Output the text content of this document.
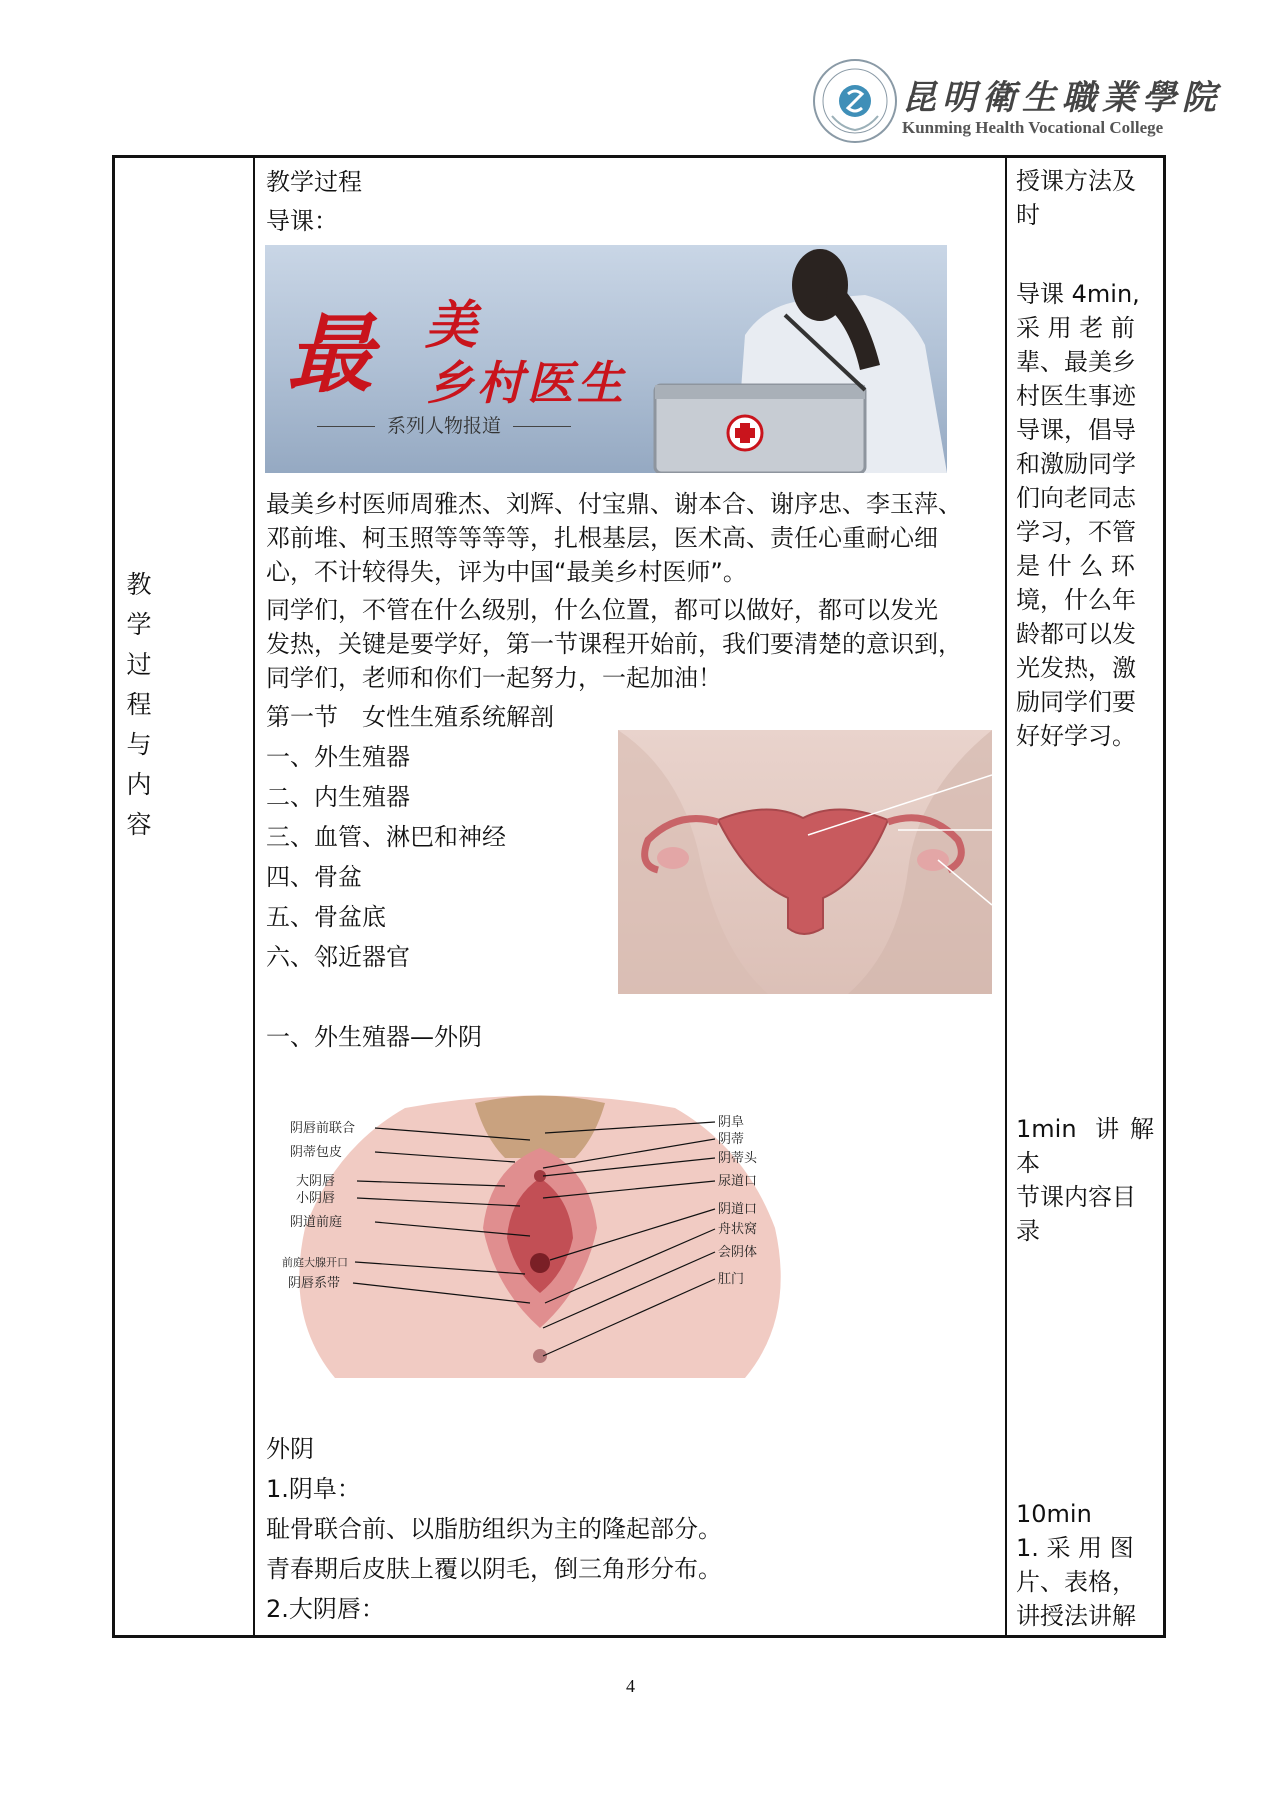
昆明衛生職業學院
Kunming Health Vocational College
教
学
过
程
与
内
容
教学过程
导课：
最 美
乡村医生
系列人物报道
最美乡村医师周雅杰、刘辉、付宝鼎、谢本合、谢序忠、李玉萍、
邓前堆、柯玉照等等等等，扎根基层，医术高、责任心重耐心细
心，不计较得失，评为中国“最美乡村医师”。
同学们，不管在什么级别，什么位置，都可以做好，都可以发光
发热，关键是要学好，第一节课程开始前，我们要清楚的意识到，
同学们，老师和你们一起努力，一起加油！
第一节　女性生殖系统解剖
一、外生殖器
二、内生殖器
三、血管、淋巴和神经
四、骨盆
五、骨盆底
六、邻近器官
一、外生殖器—外阴
阴唇前联合
阴蒂包皮
大阴唇
小阴唇
阴道前庭
前庭大腺开口
阴唇系带
阴阜
阴蒂
阴蒂头
尿道口
阴道口
舟状窝
会阴体
肛门
外阴
1.阴阜：
耻骨联合前、以脂肪组织为主的隆起部分。
青春期后皮肤上覆以阴毛，倒三角形分布。
2.大阴唇：
授课方法及
时
导课 4min,
采 用 老 前
辈、最美乡
村医生事迹
导课，倡导
和激励同学
们向老同志
学习，不管
是 什 么 环
境，什么年
龄都可以发
光发热，激
励同学们要
好好学习。
1min 讲解本
节课内容目
录
10min
1. 采 用 图
片、表格，
讲授法讲解
4
